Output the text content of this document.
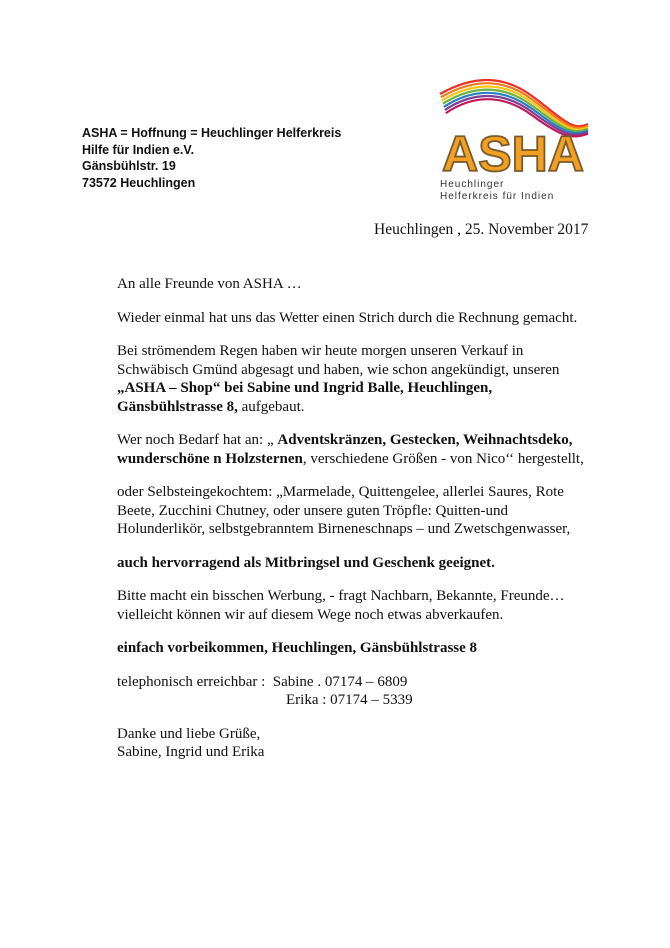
ASHA = Hoffnung = Heuchlinger Helferkreis
Hilfe für Indien e.V.
Gänsbühlstr. 19
73572 Heuchlingen
ASHA
Heuchlinger
Helferkreis für Indien
Heuchlingen , 25. November 2017

An alle Freunde von ASHA …

Wieder einmal hat uns das Wetter einen Strich durch die Rechnung gemacht.

Bei strömendem Regen haben wir heute morgen unseren Verkauf in Schwäbisch Gmünd abgesagt und haben, wie schon angekündigt, unseren „ASHA – Shop“ bei Sabine und Ingrid Balle, Heuchlingen, Gänsbühlstrasse 8, aufgebaut.

Wer noch Bedarf hat an: „ Adventskränzen, Gestecken, Weihnachtsdeko, wunderschöne n Holzsternen, verschiedene Größen - von Nico‘‘ hergestellt,

oder Selbsteingekochtem: „Marmelade, Quittengelee, allerlei Saures, Rote Beete, Zucchini Chutney, oder unsere guten Tröpfle: Quitten-und Holunderlikör, selbstgebranntem Birneneschnaps – und Zwetschgenwasser,

auch hervorragend als Mitbringsel und Geschenk geeignet.

Bitte macht ein bisschen Werbung, - fragt Nachbarn, Bekannte, Freunde… vielleicht können wir auf diesem Wege noch etwas abverkaufen.

einfach vorbeikommen, Heuchlingen, Gänsbühlstrasse 8

telephonisch erreichbar :  Sabine . 07174 – 6809

Erika : 07174 – 5339

Danke und liebe Grüße,

Sabine, Ingrid und Erika
